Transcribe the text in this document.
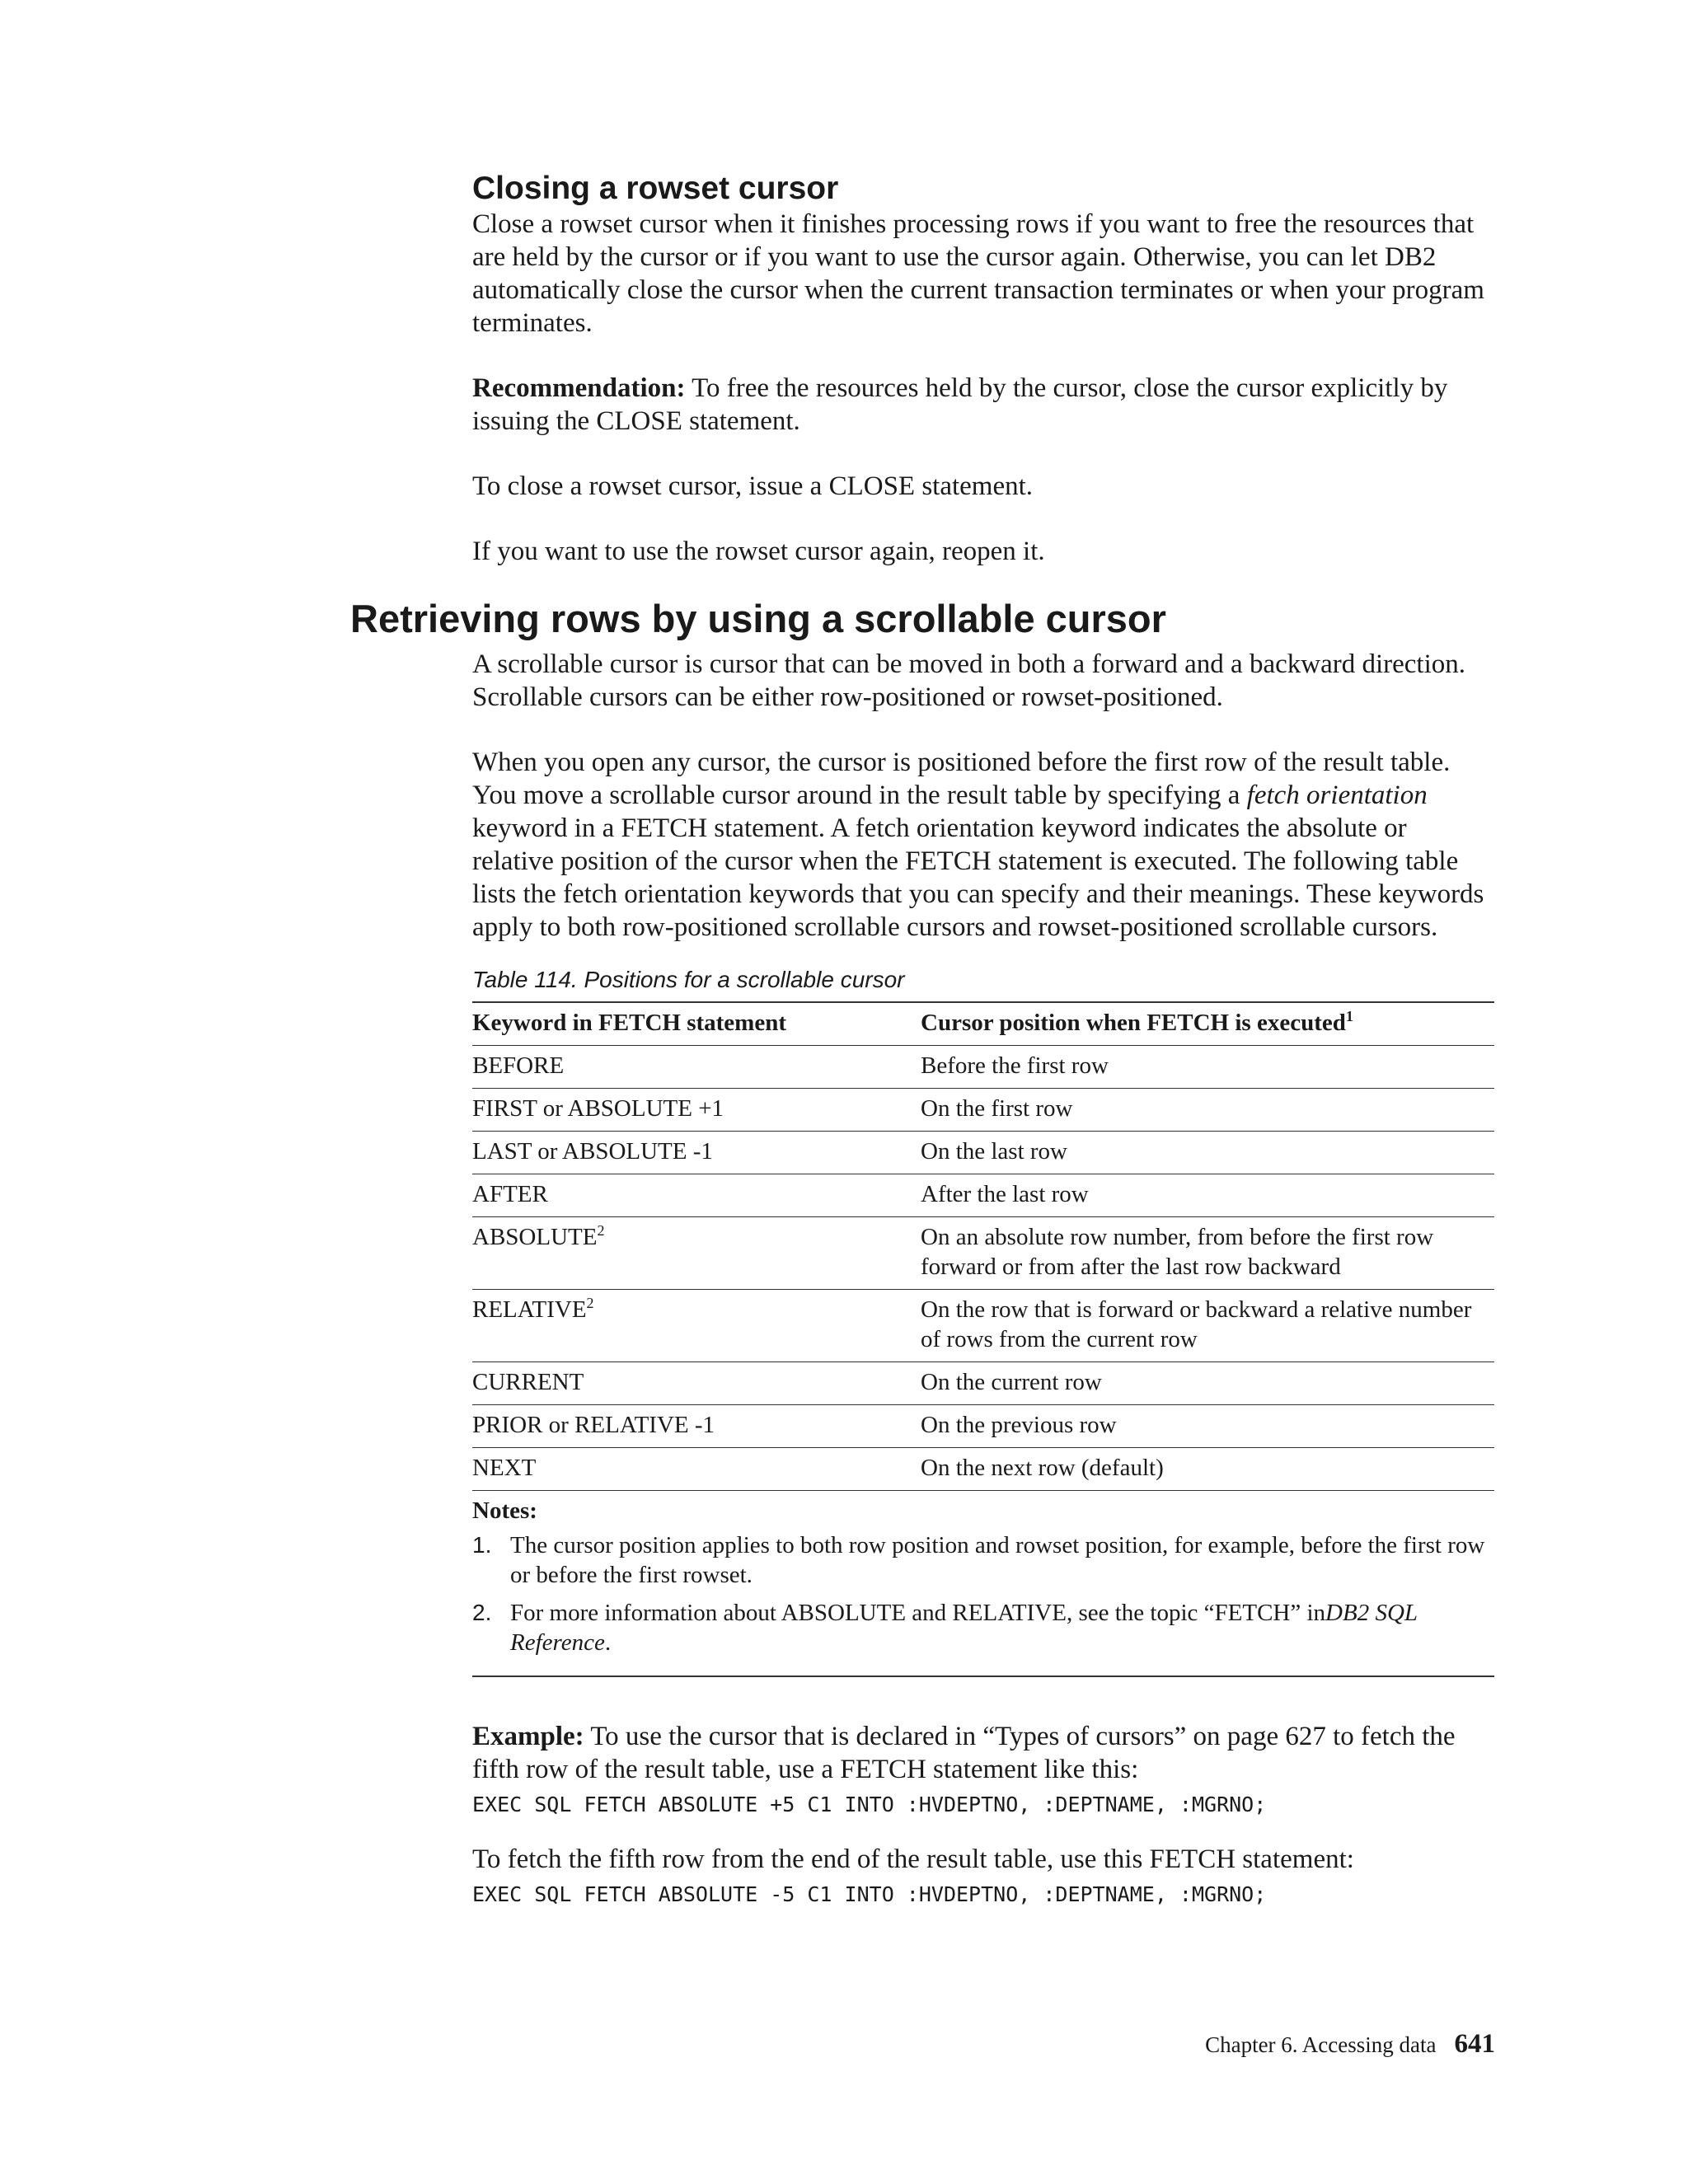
Closing a rowset cursor

Close a rowset cursor when it finishes processing rows if you want to free the resources that are held by the cursor or if you want to use the cursor again. Otherwise, you can let DB2 automatically close the cursor when the current transaction terminates or when your program terminates.

Recommendation: To free the resources held by the cursor, close the cursor explicitly by issuing the CLOSE statement.

To close a rowset cursor, issue a CLOSE statement.

If you want to use the rowset cursor again, reopen it.

Retrieving rows by using a scrollable cursor

A scrollable cursor is cursor that can be moved in both a forward and a backward direction. Scrollable cursors can be either row-positioned or rowset-positioned.

When you open any cursor, the cursor is positioned before the first row of the result table. You move a scrollable cursor around in the result table by specifying a fetch orientation keyword in a FETCH statement. A fetch orientation keyword indicates the absolute or relative position of the cursor when the FETCH statement is executed. The following table lists the fetch orientation keywords that you can specify and their meanings. These keywords apply to both row-positioned scrollable cursors and rowset-positioned scrollable cursors.

Table 114. Positions for a scrollable cursor

Keyword in FETCH statement	Cursor position when FETCH is executed$^1$
BEFORE	Before the first row
FIRST or ABSOLUTE +1	On the first row
LAST or ABSOLUTE -1	On the last row
AFTER	After the last row
ABSOLUTE$^2$	On an absolute row number, from before the first row forward or from after the last row backward
RELATIVE$^2$	On the row that is forward or backward a relative number of rows from the current row
CURRENT	On the current row
PRIOR or RELATIVE -1	On the previous row
NEXT	On the next row (default)

Notes:

1. The cursor position applies to both row position and rowset position, for example, before the first row or before the first rowset.
2. For more information about ABSOLUTE and RELATIVE, see the topic “FETCH” inDB2 SQL Reference.

Example: To use the cursor that is declared in “Types of cursors” on page 627 to fetch the fifth row of the result table, use a FETCH statement like this:

EXEC SQL FETCH ABSOLUTE +5 C1 INTO :HVDEPTNO, :DEPTNAME, :MGRNO;

To fetch the fifth row from the end of the result table, use this FETCH statement:

EXEC SQL FETCH ABSOLUTE -5 C1 INTO :HVDEPTNO, :DEPTNAME, :MGRNO;

Chapter 6. Accessing data 641
